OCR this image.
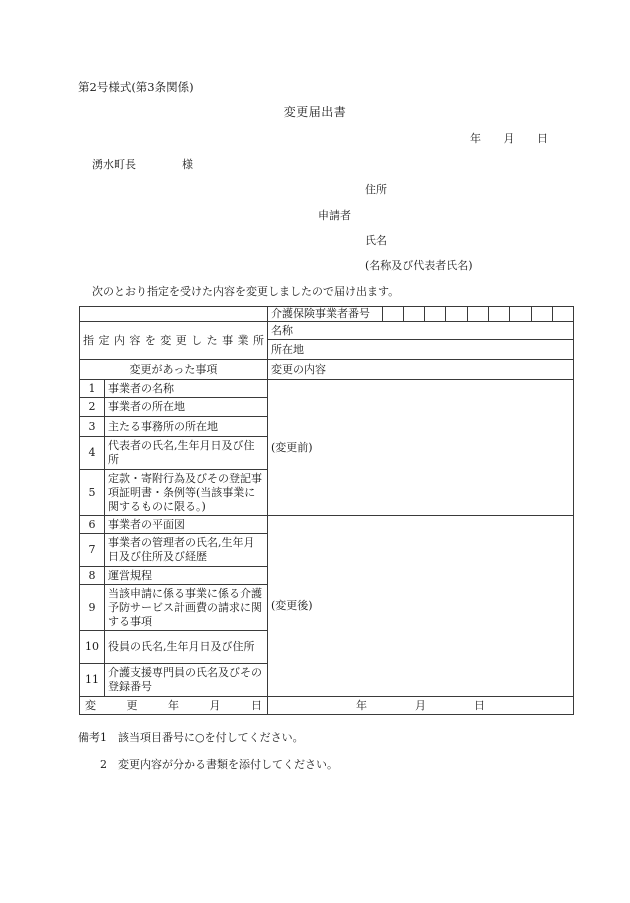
第2号様式(第3条関係)
変更届出書
年 月 日
湧水町長	様
住所
申請者
氏名
(名称及び代表者氏名)
次のとおり指定を受けた内容を変更しましたので届け出ます。
		介護保険事業者番号									

指定内容を変更した事業所		名称									
		所在地									
変更があった事項		変更の内容									
1	事業者の名称	(変更前)									
2	事業者の所在地										
3	主たる事務所の所在地										
4	代表者の氏名,生年月日及び住所										
5	定款・寄附行為及びその登記事項証明書・条例等(当該事業に関するものに限る。)										
6	事業者の平面図	(変更後)									
7	事業者の管理者の氏名,生年月日及び住所及び経歴										
8	運営規程										
9	当該申請に係る事業に係る介護予防サービス計画費の請求に関する事項										
10	役員の氏名,生年月日及び住所										
11	介護支援専門員の氏名及びその登録番号										

変 更 年 月 日		年 月 日									
備考1　該当項目番号に○を付してください。
2　変更内容が分かる書類を添付してください。
